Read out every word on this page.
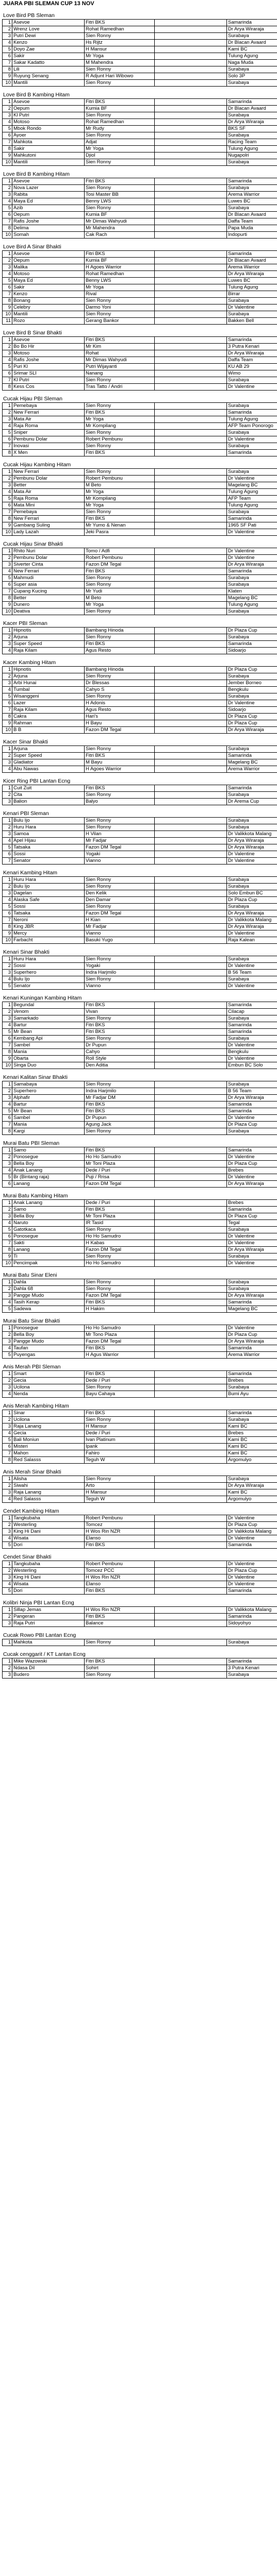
JUARA PBI SLEMAN CUP 13 NOV
Love Bird PB Sleman
1	Asevoe	Fitri BKS		Samarinda
2	Wrenz Love	Rohat Ramedhan		Dr Arya Wiraraja
3	Putri Dewi	Sien Ronny		Surabaya
4	Kenzo	Hs Rijtz		Dr Blacan Avaard
5	Doyo Zae	H Mansur		Kami BC
6	Sakir	Mr Yoga		Tulung Agung
7	Sakar Kadatto	M Mahendra		Naga Muda
8	Lili	Sien Ronny		Surabaya
9	Ruyung Senang	R Adjunt Hari Wibowo		Solo 3P
10	Mantili	Sien Ronny		Surabaya
Love Bird B Kambing Hitam
1	Asevoe	Fitri BKS		Samarinda
2	Oepum	Kumia BF		Dr Blacan Avaard
3	Kl Putri	Sien Ronny		Surabaya
4	Motoso	Rohat Ramedhan		Dr Arya Wiraraja
5	Mbok Rondo	Mr Rudy		BKS SF
6	Ayoer	Sien Ronny		Surabaya
7	Mahkota	Adjat		Racing Team
8	Sakir	Mr Yoga		Tulung Agung
9	Mahkutoni	Djiol		Nugapolri
10	Mantili	Sien Ronny		Surabaya
Love Bird B Kambing Hitam
1	Asevoe	Fitri BKS		Samarinda
2	Nova Lazer	Sien Ronny		Surabaya
3	Rabita	Tosi Master BB		Arema Warrior
4	Maya Ed	Benny LWS		Luwes BC
5	Azib	Sien Ronny		Surabaya
6	Oepum	Kumia BF		Dr Blacan Avaard
7	Rafis Joshe	Mr Dimas Wahyudi		Daffa Team
8	Delima	Mr Mahendra		Papa Muda
10	Somah	Cak Rach		Indopurti
Love Bird A Sinar Bhakti
1	Asevoe	Fitri BKS		Samarinda
2	Oepum	Kumia BF		Dr Blacan Avaard
3	Malika	H Agoes Warrior		Arema Warrior
4	Motoso	Rohat Ramedhan		Dr Arya Wiraraja
5	Maya Ed	Benny LWS		Luwes BC
6	Sakir	Mr Yoga		Tulung Agung
7	Kenzo	Rival		Birrar
8	Bonang	Sien Ronny		Surabaya
9	Celebry	Darmo Yoni		Dr Valentine
10	Mantili	Sien Ronny		Surabaya
11	Rozo	Gerang Bankor		Bakken Bell
Love Bird B Sinar Bhakti
1	Asevoe	Fitri BKS		Samarinda
2	Bo Bo Hir	Mr Kim		3 Putra Kenari
3	Motoso	Rohat		Dr Arya Wiraraja
4	Rafis Joshe	Mr Dimas Wahyudi		Daffa Team
5	Puri Kl	Putri Wijayanti		KU AB 29
6	Srimar SLI	Nanang		Wimo
7	Kl Putri	Sien Ronny		Surabaya
8	Kess Cos	Tras Tatto / Andri		Dr Valentine
Cucak Hijau PBI Sleman
1	Pemebaya	Sien Ronny		Surabaya
2	New Ferrari	Fitri BKS		Samarinda
3	Mata Air	Mr Yoga		Tulung Agung
4	Raja Roma	Mr Kompilang		AFP Team Ponorogo
5	Sniper	Sien Ronny		Surabaya
6	Pembunu Dolar	Robert Pembunu		Dr Valentine
7	Inovasi	Sien Ronny		Surabaya
8	X Men	Fitri BKS		Samarinda
Cucak Hijau Kambing Hitam
1	New Ferrari	Sien Ronny		Surabaya
2	Pembunu Dolar	Robert Pembunu		Dr Valentine
3	Better	M Beto		Magelang BC
4	Mata Air	Mr Yoga		Tulung Agung
5	Raja Roma	Mr Kompilang		AFP Team
6	Mata Mini	Mr Yoga		Tulung Agung
7	Pemebaya	Sien Ronny		Surabaya
8	New Ferrari	Fitri BKS		Samarinda
9	Gambang Suling	Mr Yumo & Nenan		1965 SF Pati
10	Lady Lazah	Jeki Pasra		Dr Valentine
Cucak Hijau Sinar Bhakti
1	Rhito Nuri	Tomo / Adfi		Dr Valentine
2	Pembunu Dolar	Robert Pembunu		Dr Valentine
3	Siverter Cinta	Fazon DM Tegal		Dr Arya Wiraraja
4	New Ferrari	Fitri BKS		Samarinda
5	Mahmudi	Sien Ronny		Surabaya
6	Super asia	Sien Ronny		Surabaya
7	Cupang Kucing	Mr Yudi		Klaten
8	Better	M Beto		Magelang BC
9	Dunero	Mr Yoga		Tulung Agung
10	Deativa	Sien Ronny		Surabaya
Kacer PBI Sleman
1	Hipnotis	Bambang Hinoda		Dr Plaza Cup
2	Arjuna	Sien Ronny		Surabaya
3	Super Speed	Fitri BKS		Samarinda
4	Raja Kilam	Agus Resto		Sidoarjo
Kacer Kambing Hitam
1	Hipnotis	Bambang Hinoda		Dr Plaza Cup
2	Arjuna	Sien Ronny		Surabaya
3	Arbi Hunai	Dr Blessas		Jember Borneo
4	Tumbal	Cahyo S		Bengkulu
5	Wisanggeni	Sien Ronny		Surabaya
6	Lazer	H Adonis		Dr Valentine
7	Raja Kilam	Agus Resto		Sidoarjo
8	Cakra	Hari's		Dr Plaza Cup
9	Rahman	H Bayu		Dr Plaza Cup
10	B B	Fazon DM Tegal		Dr Arya Wiraraja
Kacer Sinar Bhakti
1	Arjuna	Sien Ronny		Surabaya
2	Super Speed	Fitri BKS		Samarinda
3	Gladiator	M Bayu		Magelang BC
4	Abu Nawas	H Agoes Warrior		Arema Warrior
Kicer Ring PBI Lantan Ecng
1	Cuit Zuit	Fitri BKS		Samarinda
2	Cita	Sien Ronny		Surabaya
3	Balion	Balyo		Dr Arema Cup
Kenari PBI Sleman
1	Bulu Ijo	Sien Ronny		Surabaya
2	Huru Hara	Sien Ronny		Surabaya
3	Samoa	H Vilan		Dr Valikkota Malang
4	Apel Hijau	Mr Fadjar		Dr Arya Wiraraja
5	Tatsaka	Fazon DM Tegal		Dr Arya Wiraraja
6	Sossi	Yogaki		Dr Valentine
7	Senator	Vianno		Dr Valentine
Kenari Kambing Hitam
1	Huru Hara	Sien Ronny		Surabaya
2	Bulu Ijo	Sien Ronny		Surabaya
3	Dagelan	Den Kelik		Solo Embun BC
4	Alaska Safe	Den Damar		Dr Plaza Cup
5	Sossi	Sien Ronny		Surabaya
6	Tatsaka	Fazon DM Tegal		Dr Arya Wiraraja
7	Neroni	H Kian		Dr Valikkota Malang
8	King JBR	Mr Fadjar		Dr Arya Wiraraja
9	Mercy	Vianno		Dr Valentine
10	Farbacht	Basuki Yugo		Raja Kalean
Kenari Sinar Bhakti
1	Huru Hara	Sien Ronny		Surabaya
2	Sossi	Yogaki		Dr Valentine
3	Superhero	Indra Harjmilo		B 56 Team
4	Bulu Ijo	Sien Ronny		Surabaya
5	Senator	Vianno		Dr Valentine
Kenari Kuningan Kambing Hitam
1	Begundal	Fitri BKS		Samarinda
2	Venom	Vivan		Cilacap
3	Samarkado	Sien Ronny		Surabaya
4	Bartur	Fitri BKS		Samarinda
5	Mr Bean	Fitri BKS		Samarinda
6	Kembang Api	Sien Ronny		Surabaya
7	Sambel	Dr Pupun		Dr Valentine
8	Mania	Cahyo		Bengkulu
9	Obarta	Roll Style		Dr Valentine
10	Singa Duo	Den Aditia		Embun BC Solo
Kenari Kalitan Sinar Bhakti
1	Samabaya	Sien Ronny		Surabaya
2	Superhero	Indra Harjmilo		B 56 Team
3	Alphafir	Mr Fadjar DM		Dr Arya Wiraraja
4	Bartur	Fitri BKS		Samarinda
5	Mr Bean	Fitri BKS		Samarinda
6	Sambel	Dr Pupun		Dr Valentine
7	Mania	Agung Jack		Dr Plaza Cup
8	Kargi	Sien Ronny		Surabaya
Murai Batu PBI Sleman
1	Samo	Fitri BKS		Samarinda
2	Ponosegue	Ho Ho Samudro		Dr Valentine
3	Bella Boy	Mr Toni Plaza		Dr Plaza Cup
4	Anak Lanang	Dede / Puri		Brebes
5	Br (Bintang raja)	Puji / Rrisa		Dr Valentine
6	Lanang	Fazon DM Tegal		Dr Arya Wiraraja
Murai Batu Kambing Hitam
1	Anak Lanang	Dede / Puri		Brebes
2	Samo	Fitri BKS		Samarinda
3	Bella Boy	Mr Toni Plaza		Dr Plaza Cup
4	Naruto	IR Tasid		Tegal
5	Gatotkaca	Sien Ronny		Surabaya
6	Ponosegue	Ho Ho Samudro		Dr Valentine
7	Sakti	H Kabas		Dr Valentine
8	Lanang	Fazon DM Tegal		Dr Arya Wiraraja
9	Ti	Sien Ronny		Surabaya
10	Pencimpak	Ho Ho Samudro		Dr Valentine
Murai Batu Sinar Eleni
1	Dahla	Sien Ronny		Surabaya
2	Dahla 68	Sien Ronny		Surabaya
3	Pangge Mudo	Fazon DM Tegal		Dr Arya Wiraraja
4	Tasih Kerap	Fitri BKS		Samarinda
5	Sadewa	H Hakim		Magelang BC
Murai Batu Sinar Bhakti
1	Ponosegue	Ho Ho Samudro		Dr Valentine
2	Bella Boy	Mr Tono Plaza		Dr Plaza Cup
3	Pangge Mudo	Fazon DM Tegal		Dr Arya Wiraraja
4	Taufan	Fitri BKS		Samarinda
5	Puyengas	H Agus Warrior		Arema Warrior
Anis Merah PBI Sleman
1	Smart	Fitri BKS		Samarinda
2	Gecia	Dede / Puri		Brebes
3	Ucilona	Sien Ronny		Surabaya
4	Nenda	Bayu Cahaya		Bumi Ayu
Anis Merah Kambing Hitam
1	Sinar	Fitri BKS		Samarinda
2	Ucilona	Sien Ronny		Surabaya
3	Raja Lanang	H Mansur		Kami BC
4	Gecia	Dede / Puri		Brebes
5	Bali Moniun	Ivan Platinum		Kami BC
6	Misteri	Ipank		Kami BC
7	Mahon	Fahiro		Kami BC
8	Red Salasss	Teguh W		Argomulyo
Anis Merah Sinar Bhakti
1	Alisha	Sien Ronny		Surabaya
2	Siwahi	Arto		Dr Arya Wiraraja
3	Raja Lanang	H Mansur		Kami BC
4	Red Salasss	Teguh W		Argomulyo
Cendet Kambing Hitam
1	Tangkubaha	Robert Pembunu		Dr Valentine
2	Westerling	Tomcez		Dr Plaza Cup
3	King Hi Dani	H Wos Rin NZR		Dr Valikkota Malang
4	Wisata	Elanso		Dr Valentine
5	Dori	Fitri BKS		Samarinda
Cendet Sinar Bhakti
1	Tangkubaha	Robert Pembunu		Dr Valentine
2	Westerling	Tomcez PCC		Dr Plaza Cup
3	King Hi Dani	H Wos Rin NZR		Dr Valentine
4	Wisata	Elanso		Dr Valentine
5	Dori	Fitri BKS		Samarinda
Kolibri Ninja PBI Lantan Ecng
1	Sillap Jemas	H Wos Rin NZR		Dr Valikkota Malang
2	Pangeran	Fitri BKS		Samarinda
3	Raja Putri	Balance		Sidoyohyo
Cucak Rowo PBI Lantan Ecng
1	Mahkota	Sien Ronny		Surabaya
Cucak cenggarit / KT Lantan Ecng
1	Mike Wazowski	Fitri BKS		Samarinda
2	Ndasa Dil	Sohirt		3 Putra Kenari
3	Budero	Sien Ronny		Surabaya
